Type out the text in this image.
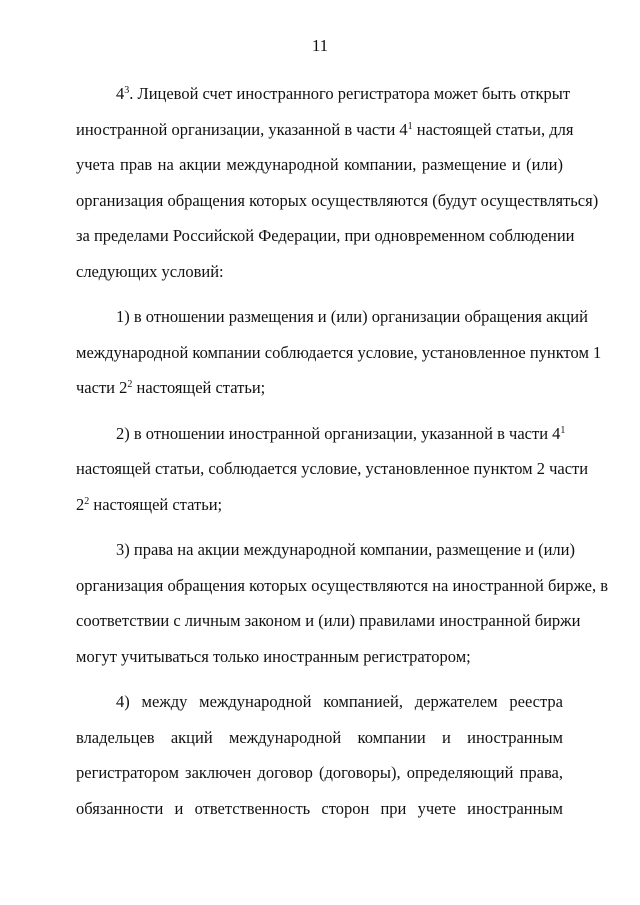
11
$4^3$. Лицевой счет иностранного регистратора может быть открыт
иностранной организации, указанной в части $4^1$ настоящей статьи, для
учета прав на акции международной компании, размещение и (или)
организация обращения которых осуществляются (будут осуществляться)
за пределами Российской Федерации, при одновременном соблюдении
следующих условий:
1) в отношении размещения и (или) организации обращения акций
международной компании соблюдается условие, установленное пунктом 1
части $2^2$ настоящей статьи;
2) в отношении иностранной организации, указанной в части $4^1$
настоящей статьи, соблюдается условие, установленное пунктом 2 части
$2^2$ настоящей статьи;
3) права на акции международной компании, размещение и (или)
организация обращения которых осуществляются на иностранной бирже, в
соответствии с личным законом и (или) правилами иностранной биржи
могут учитываться только иностранным регистратором;
4) между международной компанией, держателем реестра
владельцев акций международной компании и иностранным
регистратором заключен договор (договоры), определяющий права,
обязанности и ответственность сторон при учете иностранным
